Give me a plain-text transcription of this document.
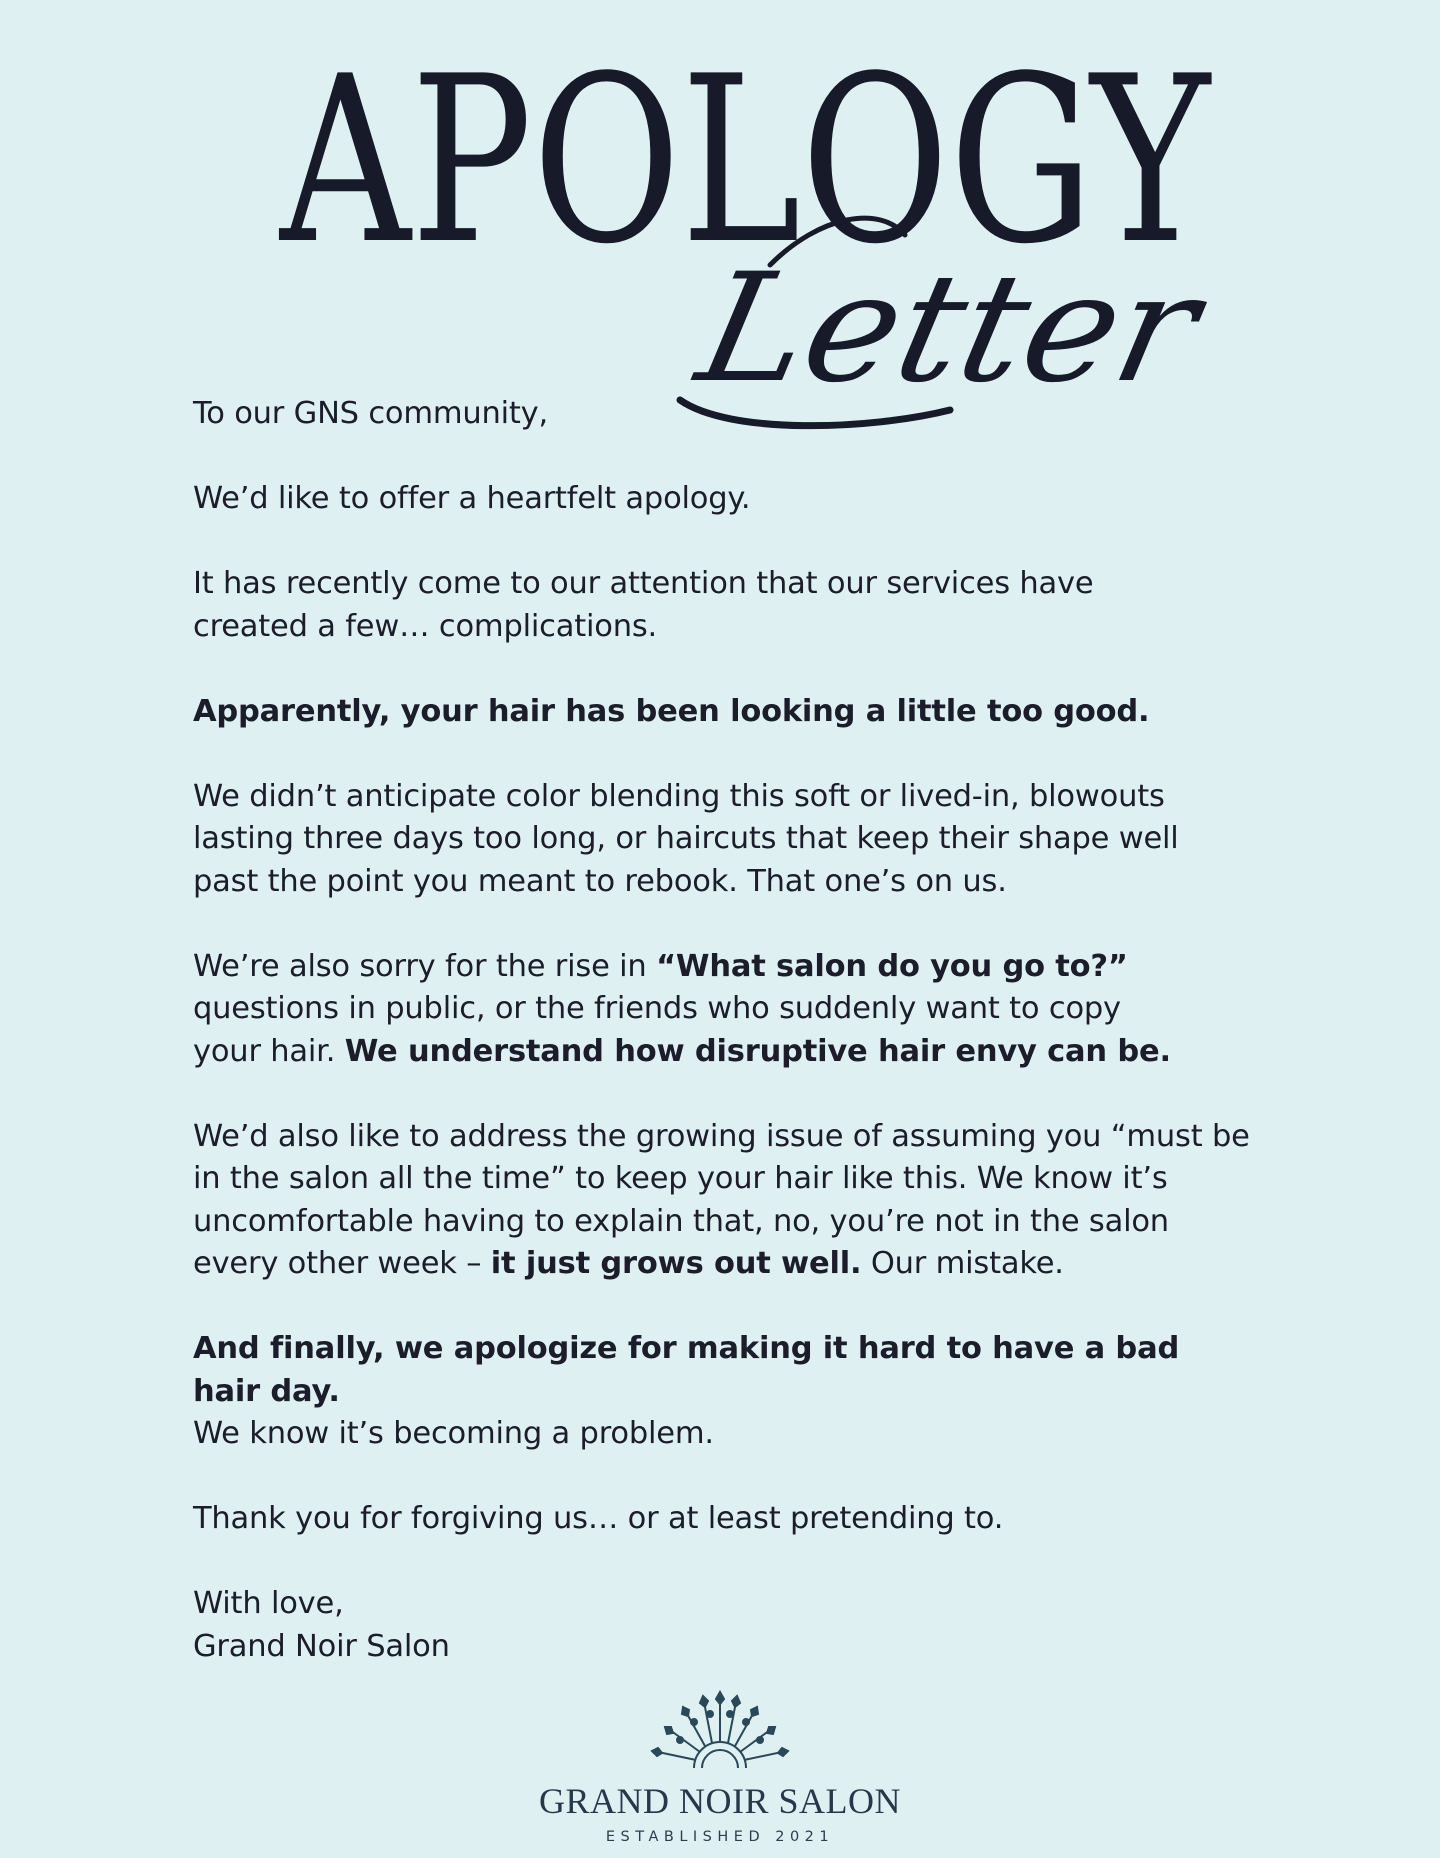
APOLOGY
Letter

To our GNS community,

We’d like to offer a heartfelt apology.

It has recently come to our attention that our services have created a few… complications.

Apparently, your hair has been looking a little too good.

We didn’t anticipate color blending this soft or lived-in, blowouts lasting three days too long, or haircuts that keep their shape well past the point you meant to rebook. That one’s on us.

We’re also sorry for the rise in “What salon do you go to?” questions in public, or the friends who suddenly want to copy your hair. We understand how disruptive hair envy can be.

We’d also like to address the growing issue of assuming you “must be in the salon all the time” to keep your hair like this. We know it’s uncomfortable having to explain that, no, you’re not in the salon every other week – it just grows out well. Our mistake.

And finally, we apologize for making it hard to have a bad hair day.

We know it’s becoming a problem.

Thank you for forgiving us… or at least pretending to.

With love,

Grand Noir Salon

GRAND NOIR SALON
ESTABLISHED 2021
